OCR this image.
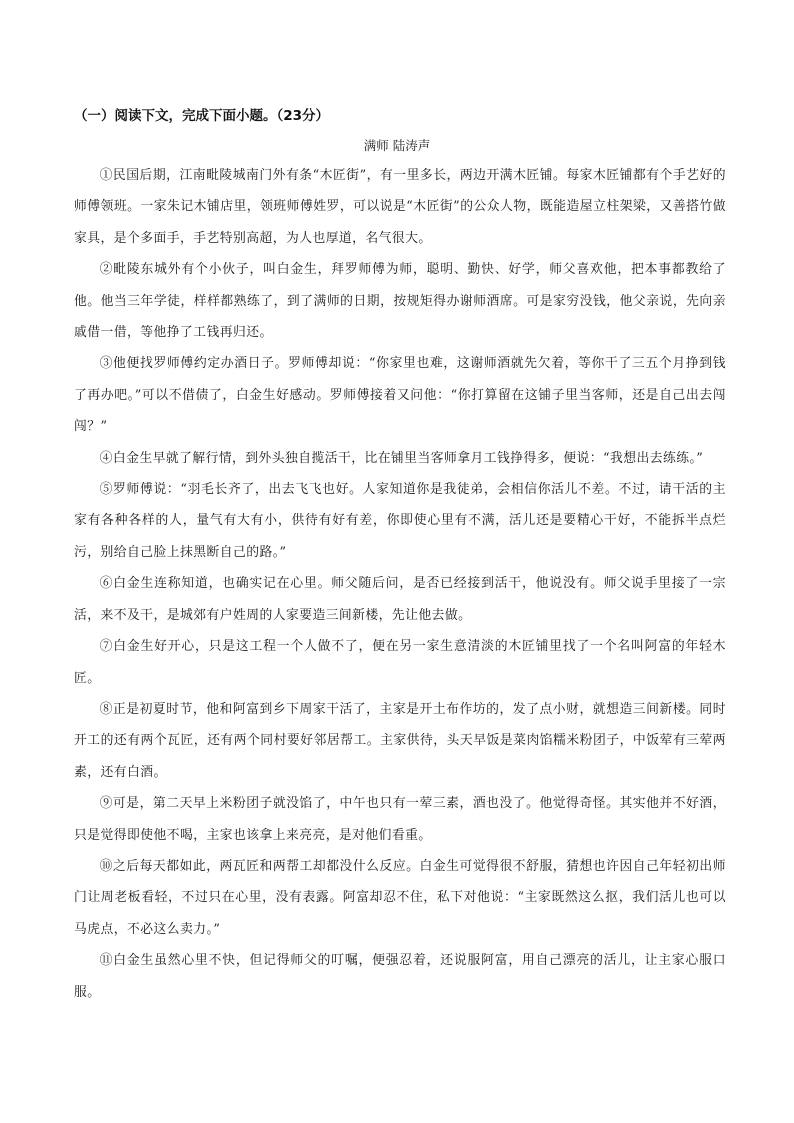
（一）阅读下文，完成下面小题。（23分）
满师 陆涛声

①民国后期，江南毗陵城南门外有条“木匠街”，有一里多长，两边开满木匠铺。每家木匠铺都有个手艺好的师傅领班。一家朱记木铺店里，领班师傅姓罗，可以说是“木匠街”的公众人物，既能造屋立柱架梁，又善搭竹做家具，是个多面手，手艺特别高超，为人也厚道，名气很大。

②毗陵东城外有个小伙子，叫白金生，拜罗师傅为师，聪明、勤快、好学，师父喜欢他，把本事都教给了他。他当三年学徒，样样都熟练了，到了满师的日期，按规矩得办谢师酒席。可是家穷没钱，他父亲说，先向亲戚借一借，等他挣了工钱再归还。

③他便找罗师傅约定办酒日子。罗师傅却说：“你家里也难，这谢师酒就先欠着，等你干了三五个月挣到钱了再办吧。”可以不借债了，白金生好感动。罗师傅接着又问他：“你打算留在这铺子里当客师，还是自己出去闯闯？”

④白金生早就了解行情，到外头独自揽活干，比在铺里当客师拿月工钱挣得多，便说：“我想出去练练。”

⑤罗师傅说：“羽毛长齐了，出去飞飞也好。人家知道你是我徒弟，会相信你活儿不差。不过，请干活的主家有各种各样的人，量气有大有小，供待有好有差，你即使心里有不满，活儿还是要精心干好，不能拆半点烂污，别给自己脸上抹黑断自己的路。”

⑥白金生连称知道，也确实记在心里。师父随后问，是否已经接到活干，他说没有。师父说手里接了一宗活，来不及干，是城郊有户姓周的人家要造三间新楼，先让他去做。

⑦白金生好开心，只是这工程一个人做不了，便在另一家生意清淡的木匠铺里找了一个名叫阿富的年轻木匠。

⑧正是初夏时节，他和阿富到乡下周家干活了，主家是开土布作坊的，发了点小财，就想造三间新楼。同时开工的还有两个瓦匠，还有两个同村要好邻居帮工。主家供待，头天早饭是菜肉馅糯米粉团子，中饭荤有三荤两素，还有白酒。

⑨可是，第二天早上米粉团子就没馅了，中午也只有一荤三素，酒也没了。他觉得奇怪。其实他并不好酒，只是觉得即使他不喝，主家也该拿上来亮亮，是对他们看重。

⑩之后每天都如此，两瓦匠和两帮工却都没什么反应。白金生可觉得很不舒服，猜想也许因自己年轻初出师门让周老板看轻，不过只在心里，没有表露。阿富却忍不住，私下对他说：“主家既然这么抠，我们活儿也可以马虎点，不必这么卖力。”

⑪白金生虽然心里不快，但记得师父的叮嘱，便强忍着，还说服阿富，用自己漂亮的活儿，让主家心服口服。
